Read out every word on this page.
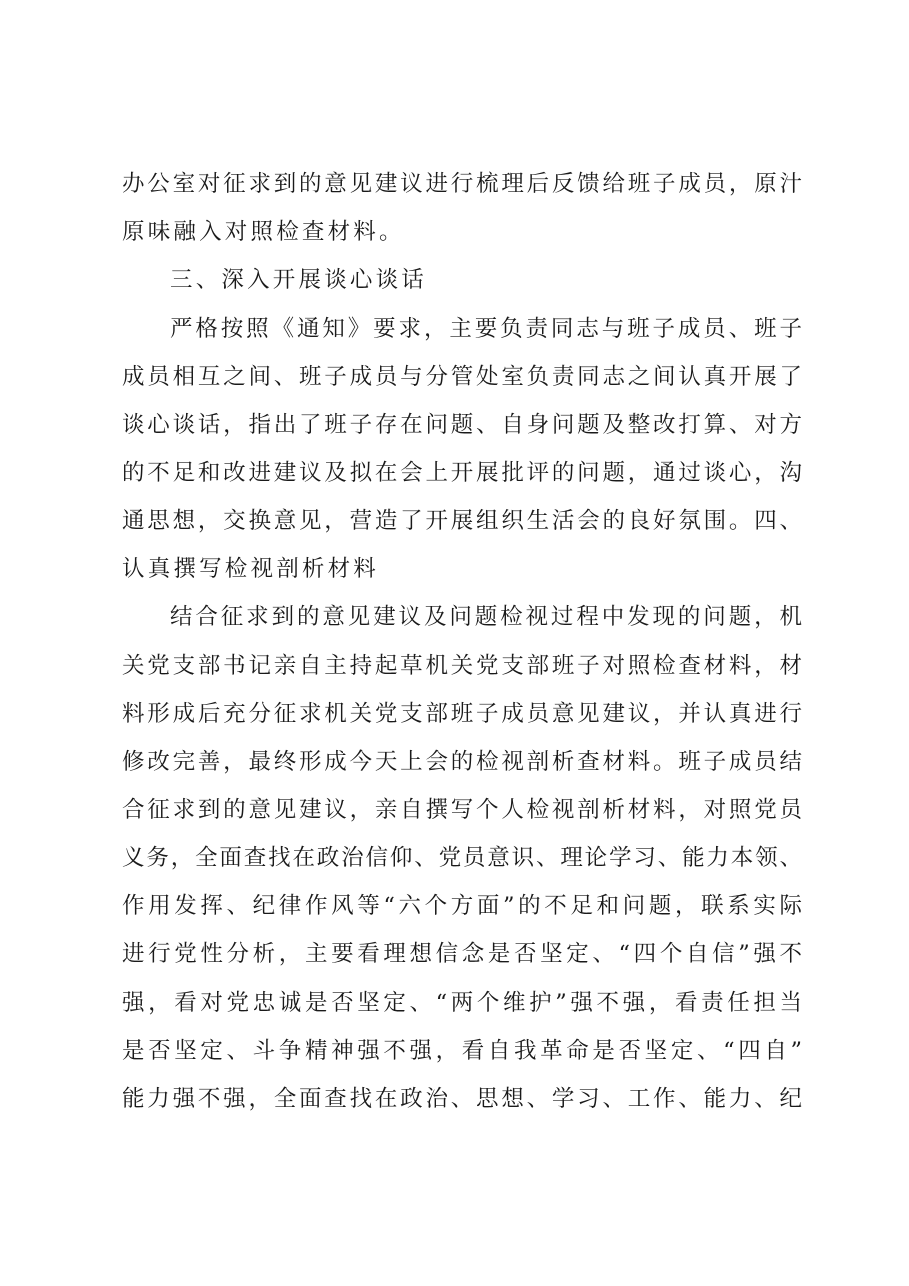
办公室对征求到的意见建议进行梳理后反馈给班子成员，原汁
原味融入对照检查材料。
三、深入开展谈心谈话
严格按照《通知》要求，主要负责同志与班子成员、班子
成员相互之间、班子成员与分管处室负责同志之间认真开展了
谈心谈话，指出了班子存在问题、自身问题及整改打算、对方
的不足和改进建议及拟在会上开展批评的问题，通过谈心，沟
通思想，交换意见，营造了开展组织生活会的良好氛围。四、
认真撰写检视剖析材料
结合征求到的意见建议及问题检视过程中发现的问题，机
关党支部书记亲自主持起草机关党支部班子对照检查材料，材
料形成后充分征求机关党支部班子成员意见建议，并认真进行
修改完善，最终形成今天上会的检视剖析查材料。班子成员结
合征求到的意见建议，亲自撰写个人检视剖析材料，对照党员
义务，全面查找在政治信仰、党员意识、理论学习、能力本领、
作用发挥、纪律作风等“六个方面”的不足和问题，联系实际
进行党性分析，主要看理想信念是否坚定、“四个自信”强不
强，看对党忠诚是否坚定、“两个维护”强不强，看责任担当
是否坚定、斗争精神强不强，看自我革命是否坚定、“四自”
能力强不强，全面查找在政治、思想、学习、工作、能力、纪
